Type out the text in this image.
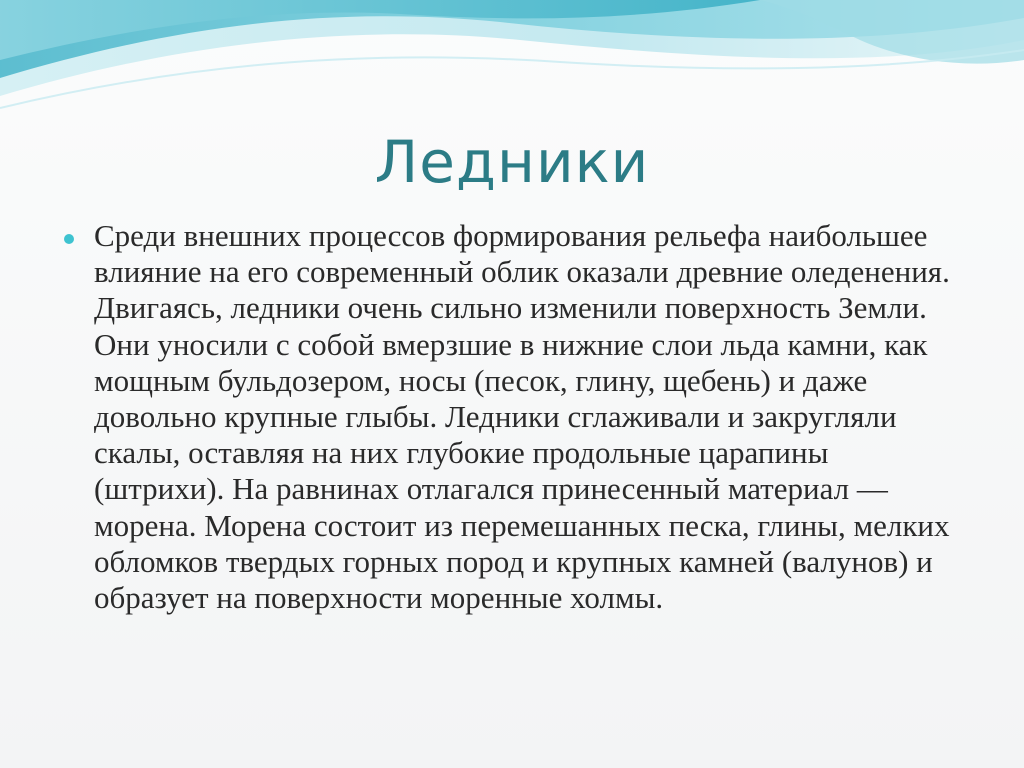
Ледники

Среди внешних процессов формирования рельефа наибольшее влияние на его современный облик оказали древние оледенения. Двигаясь, ледники очень сильно изменили поверхность Земли. Они уносили с собой вмерзшие в нижние слои льда камни, как мощным бульдозером, носы (песок, глину, щебень) и даже довольно крупные глыбы. Ледники сглаживали и закругляли скалы, оставляя на них глубокие продольные царапины (штрихи). На равнинах отлагался принесенный материал — морена. Морена состоит из перемешанных песка, глины, мелких обломков твердых горных пород и крупных камней (валунов) и образует на поверхности моренные холмы.
